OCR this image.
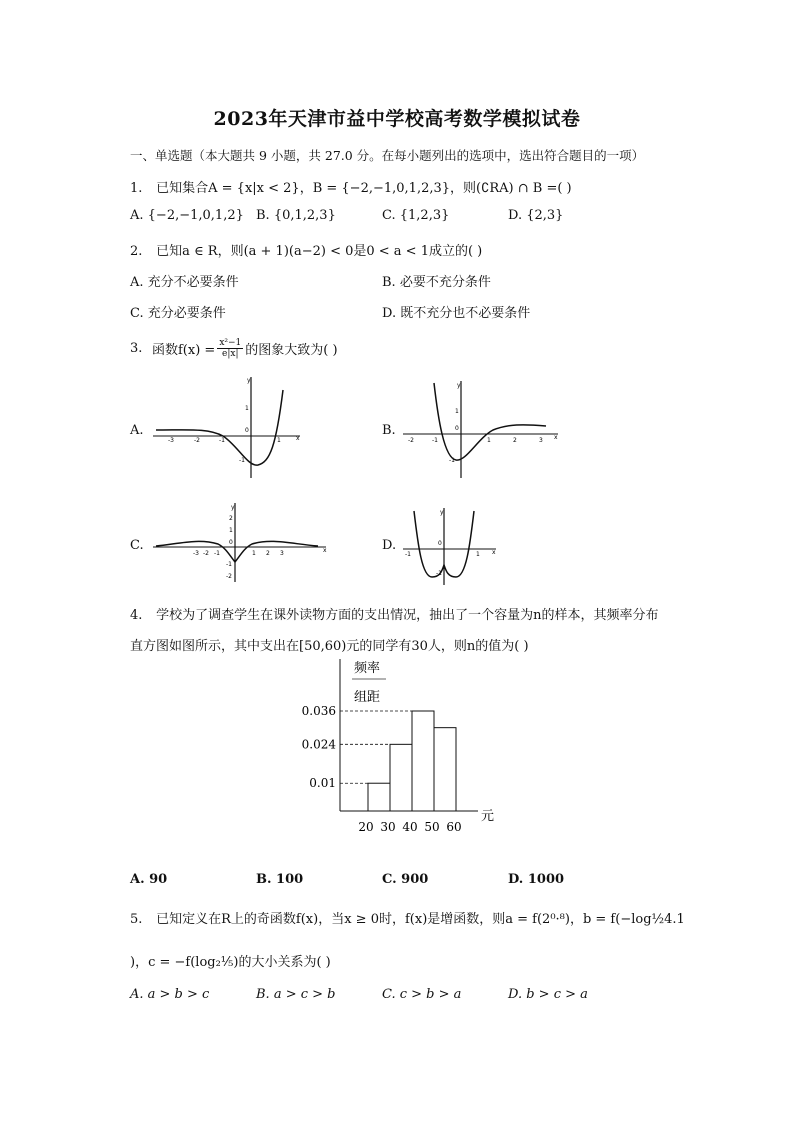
2023年天津市益中学校高考数学模拟试卷
一、单选题（本大题共 9 小题，共 27.0 分。在每小题列出的选项中，选出符合题目的一项）
1. 已知集合A = {x|x < 2}，B = {−2,−1,0,1,2,3}，则(∁RA) ∩ B =( )
A. {−2,−1,0,1,2} B. {0,1,2,3}	C. {1,2,3}	D. {2,3}
2. 已知a ∈ R，则(a + 1)(a−2) < 0是0 < a < 1成立的( )
A. 充分不必要条件	B. 必要不充分条件
C. 充分必要条件	D. 既不充分也不必要条件
3. 函数$f(x) = \frac{\text{x²−1}}{e|x|}$ 的图象大致为( )
A.
y
x
0
1
-1
-3	-2	-1	1
B.
y
x
0
1
-1
-2	-1	1	2	3
C.
y
x
2
1
0
-1
-2
-3 -2 -1	1 2 3
D.
y
x
0
-1	1
-1
4. 学校为了调查学生在课外读物方面的支出情况，抽出了一个容量为n的样本，其频率分布
直方图如图所示，其中支出在[50,60)元的同学有30人，则n的值为( )
频率
组距
元
0.036
0.024
0.01
20 30 40 50 60
A. 90	B. 100	C. 900	D. 1000
5. 已知定义在R上的奇函数f(x)，当x ≥ 0时，f(x)是增函数，则a = f(2⁰·⁸)，b = f(−log½4.1
)，c = −f(log₂⅕)的大小关系为( )
A. a > b > c	B. a > c > b	C. c > b > a	D. b > c > a
